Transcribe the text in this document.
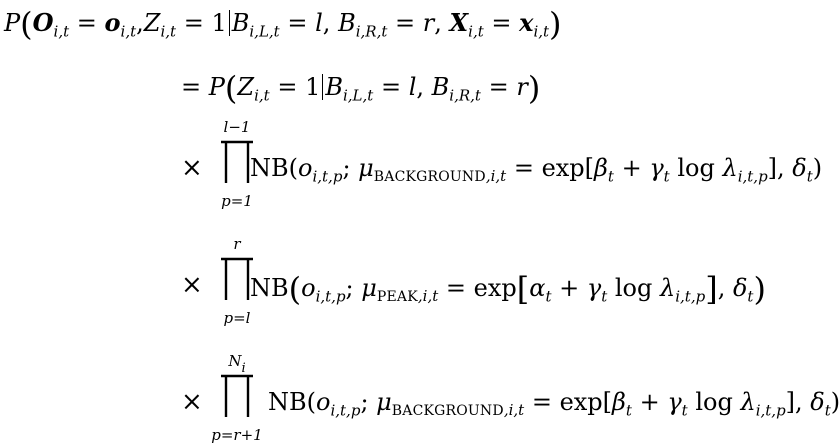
$P(O_{i,t} = o_{i,t},Z_{i,t} = 1$ $B_{i,L,t} = l$, $B_{i,R,t} = r$, $X_{i,t} = x_{i,t}$)
= $P(Z_{i,t} = 1$ $B_{i,L,t} = l$, $B_{i,R,t} = r$)
×
l−1
p=1
$NB(o_{i,t,p}$; $\mu_{BACKGROUND,i,t} = \exp[\beta_t + \gamma_t$ $\log \lambda_{i,t,p}$], $\delta_t$)
×
r
p=l
$NB(o_{i,t,p}$; $\mu_{PEAK,i,t} = \exp[\alpha_t + \gamma_t$ $\log \lambda_{i,t,p}$], $\delta_t$)
×
Ni
p=r+1
$NB(o_{i,t,p}$; $\mu_{BACKGROUND,i,t} = \exp[\beta_t + \gamma_t$ $\log \lambda_{i,t,p}$], $\delta_t$)
